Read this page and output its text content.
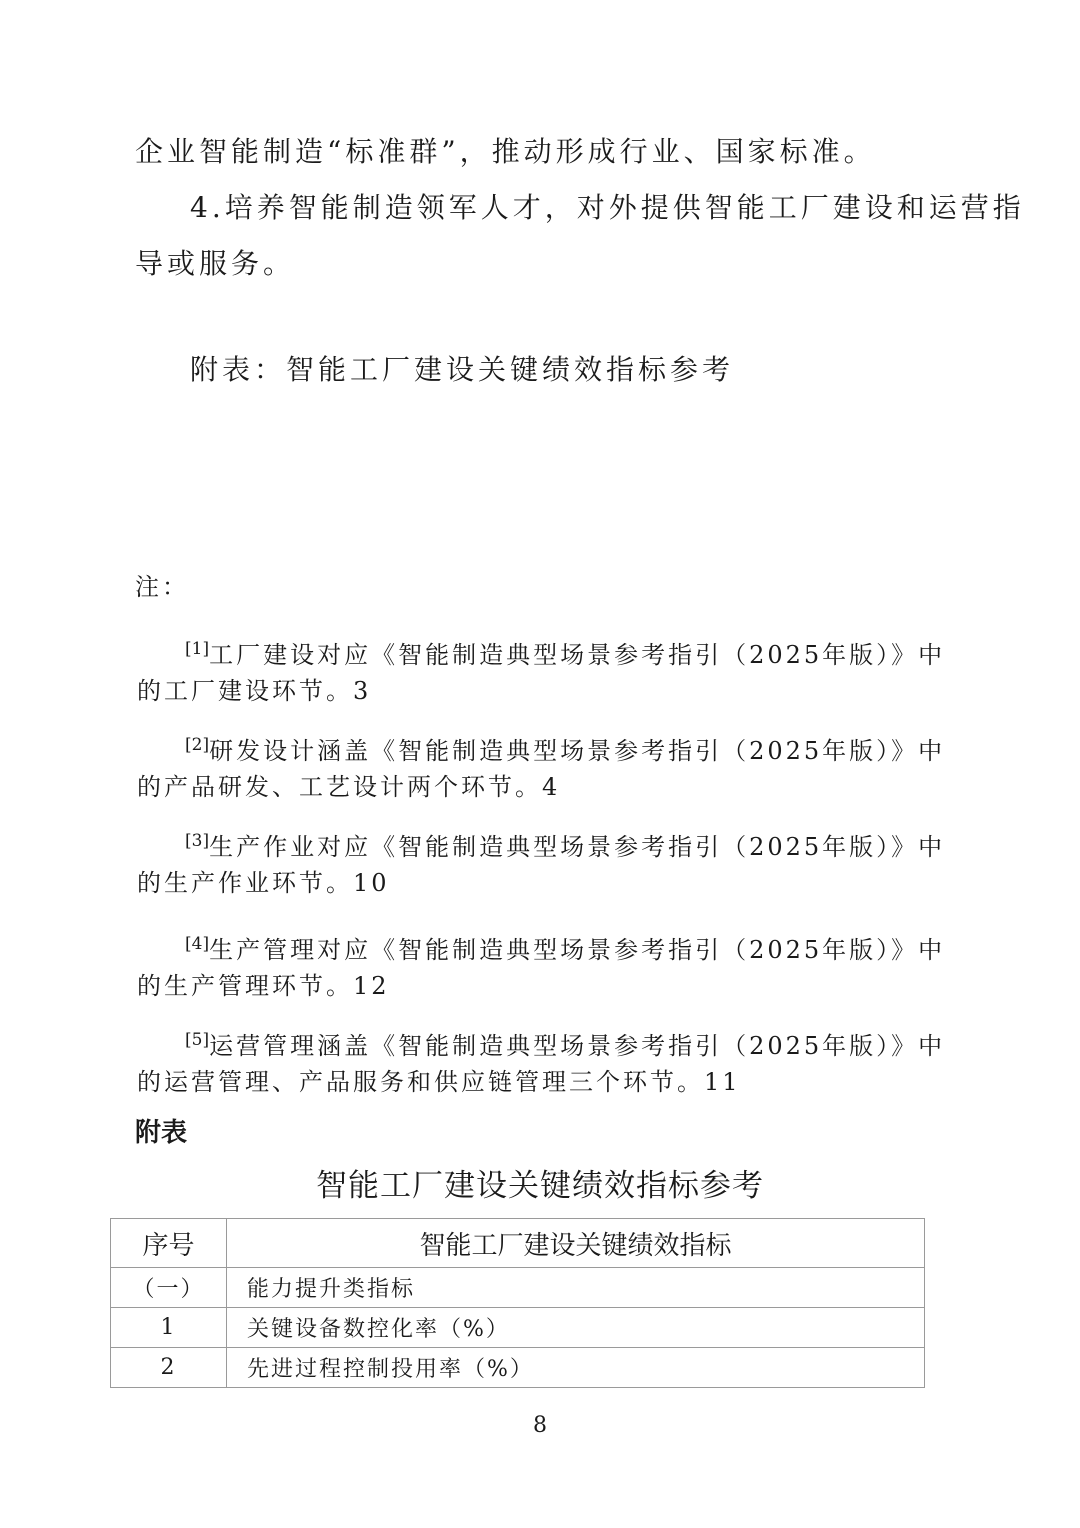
企业智能制造“标准群”，推动形成行业、国家标准。
4.培养智能制造领军人才，对外提供智能工厂建设和运营指
导或服务。
附表：智能工厂建设关键绩效指标参考
注：
[1]工厂建设对应《智能制造典型场景参考指引（2025年版）》中
的工厂建设环节。3
[2]研发设计涵盖《智能制造典型场景参考指引（2025年版）》中
的产品研发、工艺设计两个环节。4
[3]生产作业对应《智能制造典型场景参考指引（2025年版）》中
的生产作业环节。10
[4]生产管理对应《智能制造典型场景参考指引（2025年版）》中
的生产管理环节。12
[5]运营管理涵盖《智能制造典型场景参考指引（2025年版）》中
的运营管理、产品服务和供应链管理三个环节。11
附表
智能工厂建设关键绩效指标参考
序号	智能工厂建设关键绩效指标
（一）	能力提升类指标
1	关键设备数控化率（%）
2	先进过程控制投用率（%）
8
